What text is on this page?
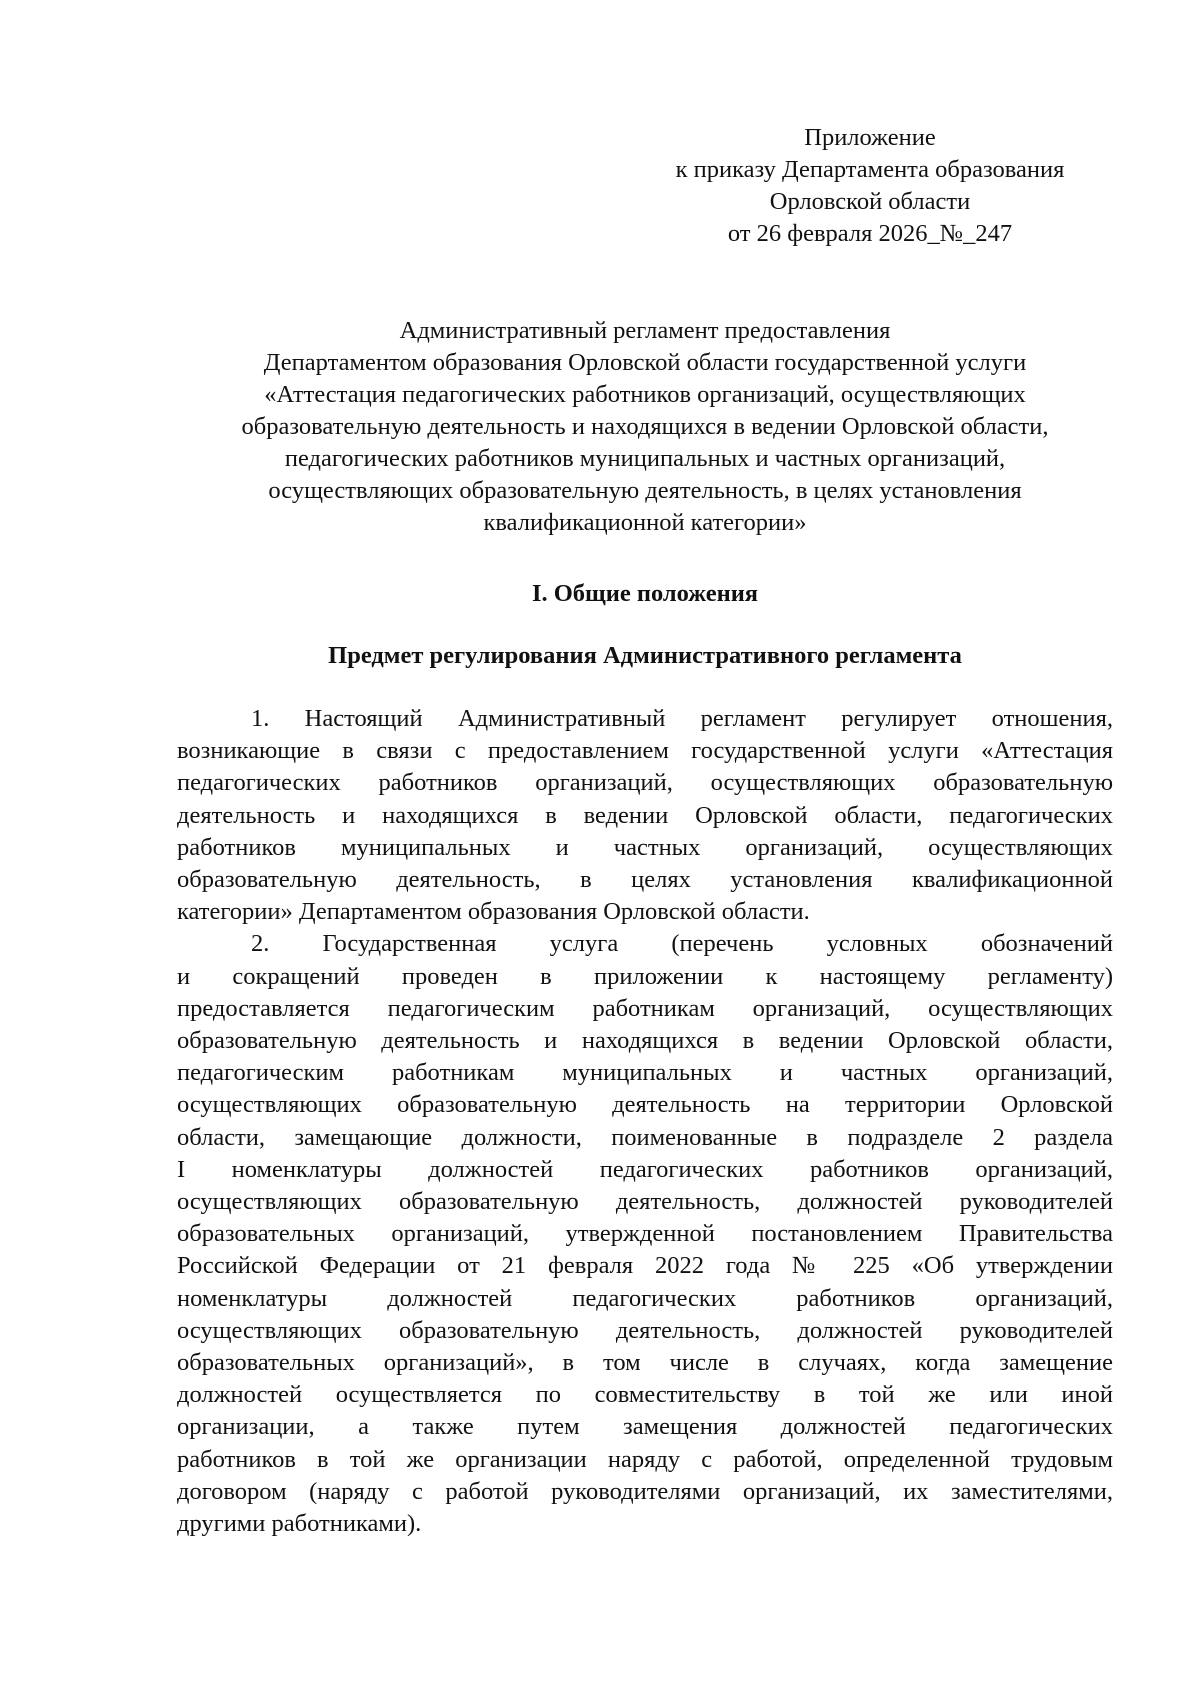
Приложение
к приказу Департамента образования
Орловской области
от 26 февраля 2026_№_247
Административный регламент предоставления
Департаментом образования Орловской области государственной услуги
«Аттестация педагогических работников организаций, осуществляющих
образовательную деятельность и находящихся в ведении Орловской области,
педагогических работников муниципальных и частных организаций,
осуществляющих образовательную деятельность, в целях установления
квалификационной категории»
I. Общие положения
Предмет регулирования Административного регламента
1. Настоящий Административный регламент регулирует отношения,
возникающие в связи с предоставлением государственной услуги «Аттестация
педагогических работников организаций, осуществляющих образовательную
деятельность и находящихся в ведении Орловской области, педагогических
работников муниципальных и частных организаций, осуществляющих
образовательную деятельность, в целях установления квалификационной
категории» Департаментом образования Орловской области.
2. Государственная услуга (перечень условных обозначений
и сокращений проведен в приложении к настоящему регламенту)
предоставляется педагогическим работникам организаций, осуществляющих
образовательную деятельность и находящихся в ведении Орловской области,
педагогическим работникам муниципальных и частных организаций,
осуществляющих образовательную деятельность на территории Орловской
области, замещающие должности, поименованные в подразделе 2 раздела
I номенклатуры должностей педагогических работников организаций,
осуществляющих образовательную деятельность, должностей руководителей
образовательных организаций, утвержденной постановлением Правительства
Российской Федерации от 21 февраля 2022 года № 225 «Об утверждении
номенклатуры должностей педагогических работников организаций,
осуществляющих образовательную деятельность, должностей руководителей
образовательных организаций», в том числе в случаях, когда замещение
должностей осуществляется по совместительству в той же или иной
организации, а также путем замещения должностей педагогических
работников в той же организации наряду с работой, определенной трудовым
договором (наряду с работой руководителями организаций, их заместителями,
другими работниками).
